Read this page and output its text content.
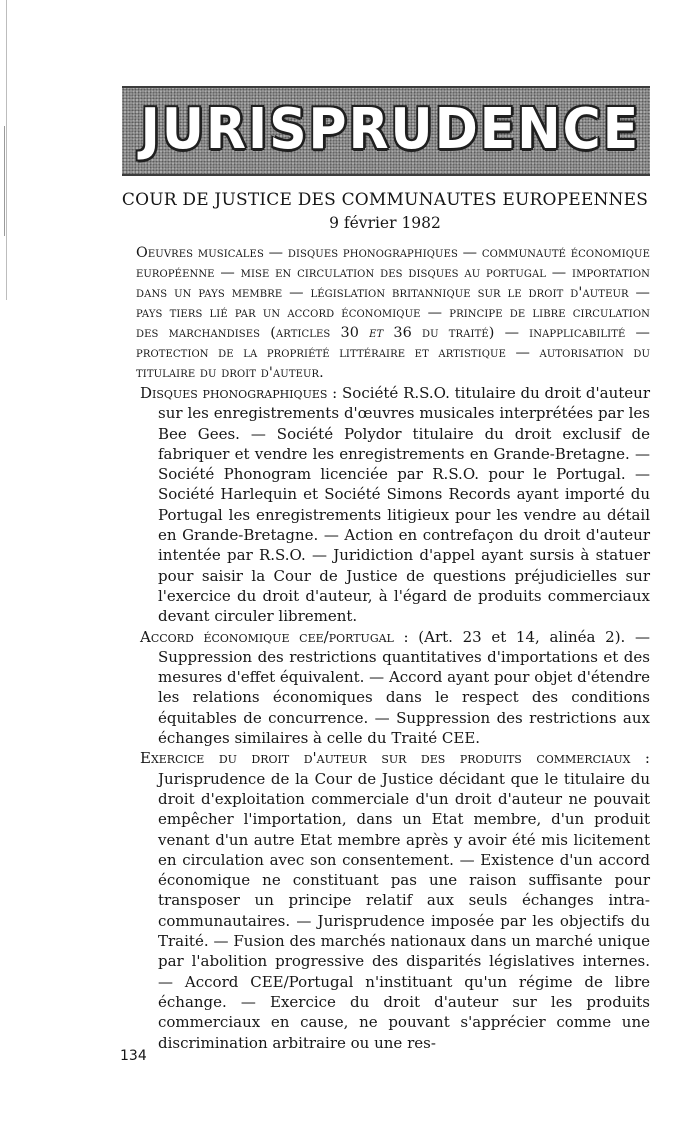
JURISPRUDENCE
COUR DE JUSTICE DES COMMUNAUTES EUROPEENNES
9 février 1982
Oeuvres musicales — disques phonographiques — communauté économique européenne — mise en circulation des disques au portugal — importation dans un pays membre — législation britannique sur le droit d'auteur — pays tiers lié par un accord économique — principe de libre circulation des marchandises (articles 30 et 36 du traité) — inapplicabilité — protection de la propriété littéraire et artistique — autorisation du titulaire du droit d'auteur.

Disques phonographiques : Société R.S.O. titulaire du droit d'auteur sur les enregistrements d'œuvres musicales interprétées par les Bee Gees. — Société Polydor titulaire du droit exclusif de fabriquer et vendre les enregistrements en Grande-Bretagne. — Société Phonogram licenciée par R.S.O. pour le Portugal. — Société Harlequin et Société Simons Records ayant importé du Portugal les enregistrements litigieux pour les vendre au détail en Grande-Bretagne. — Action en contrefaçon du droit d'auteur intentée par R.S.O. — Juridiction d'appel ayant sursis à statuer pour saisir la Cour de Justice de questions préjudicielles sur l'exercice du droit d'auteur, à l'égard de produits commerciaux devant circuler librement.

Accord économique cee/portugal : (Art. 23 et 14, alinéa 2). — Suppression des restrictions quantitatives d'importations et des mesures d'effet équivalent. — Accord ayant pour objet d'étendre les relations économiques dans le respect des conditions équitables de concurrence. — Suppression des restrictions aux échanges similaires à celle du Traité CEE.

Exercice du droit d'auteur sur des produits commerciaux : Jurisprudence de la Cour de Justice décidant que le titulaire du droit d'exploitation commerciale d'un droit d'auteur ne pouvait empêcher l'importation, dans un Etat membre, d'un produit venant d'un autre Etat membre après y avoir été mis licitement en circulation avec son consentement. — Existence d'un accord économique ne constituant pas une raison suffisante pour transposer un principe relatif aux seuls échanges intra-communautaires. — Jurisprudence imposée par les objectifs du Traité. — Fusion des marchés nationaux dans un marché unique par l'abolition progressive des disparités législatives internes. — Accord CEE/Portugal n'instituant qu'un régime de libre échange. — Exercice du droit d'auteur sur les produits commerciaux en cause, ne pouvant s'apprécier comme une discrimination arbitraire ou une res-

134
